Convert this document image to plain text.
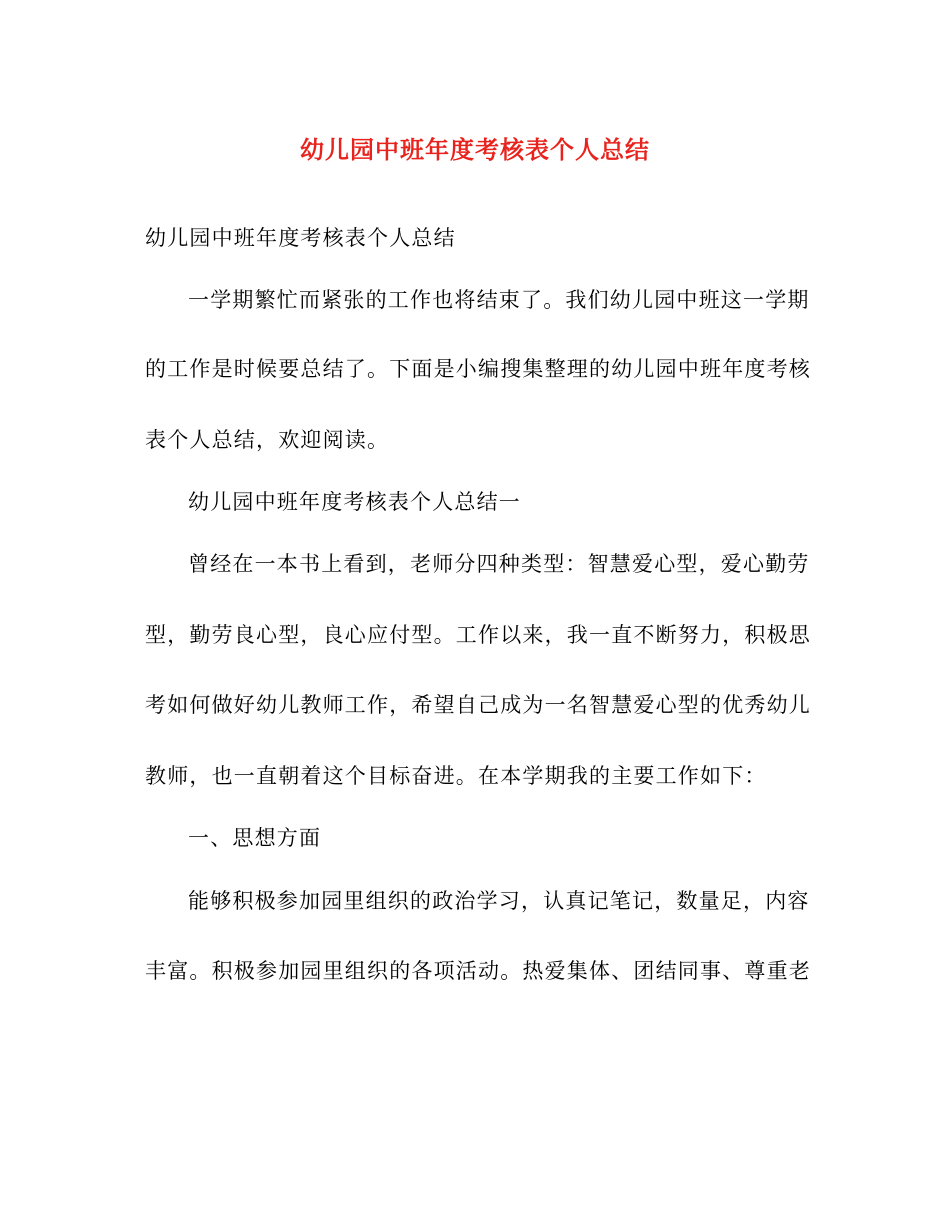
幼儿园中班年度考核表个人总结

幼儿园中班年度考核表个人总结

一学期繁忙而紧张的工作也将结束了。我们幼儿园中班这一学期

的工作是时候要总结了。下面是小编搜集整理的幼儿园中班年度考核

表个人总结，欢迎阅读。

幼儿园中班年度考核表个人总结一

曾经在一本书上看到，老师分四种类型：智慧爱心型，爱心勤劳

型，勤劳良心型，良心应付型。工作以来，我一直不断努力，积极思

考如何做好幼儿教师工作，希望自己成为一名智慧爱心型的优秀幼儿

教师，也一直朝着这个目标奋进。在本学期我的主要工作如下：

一、思想方面

能够积极参加园里组织的政治学习，认真记笔记，数量足，内容

丰富。积极参加园里组织的各项活动。热爱集体、团结同事、尊重老
